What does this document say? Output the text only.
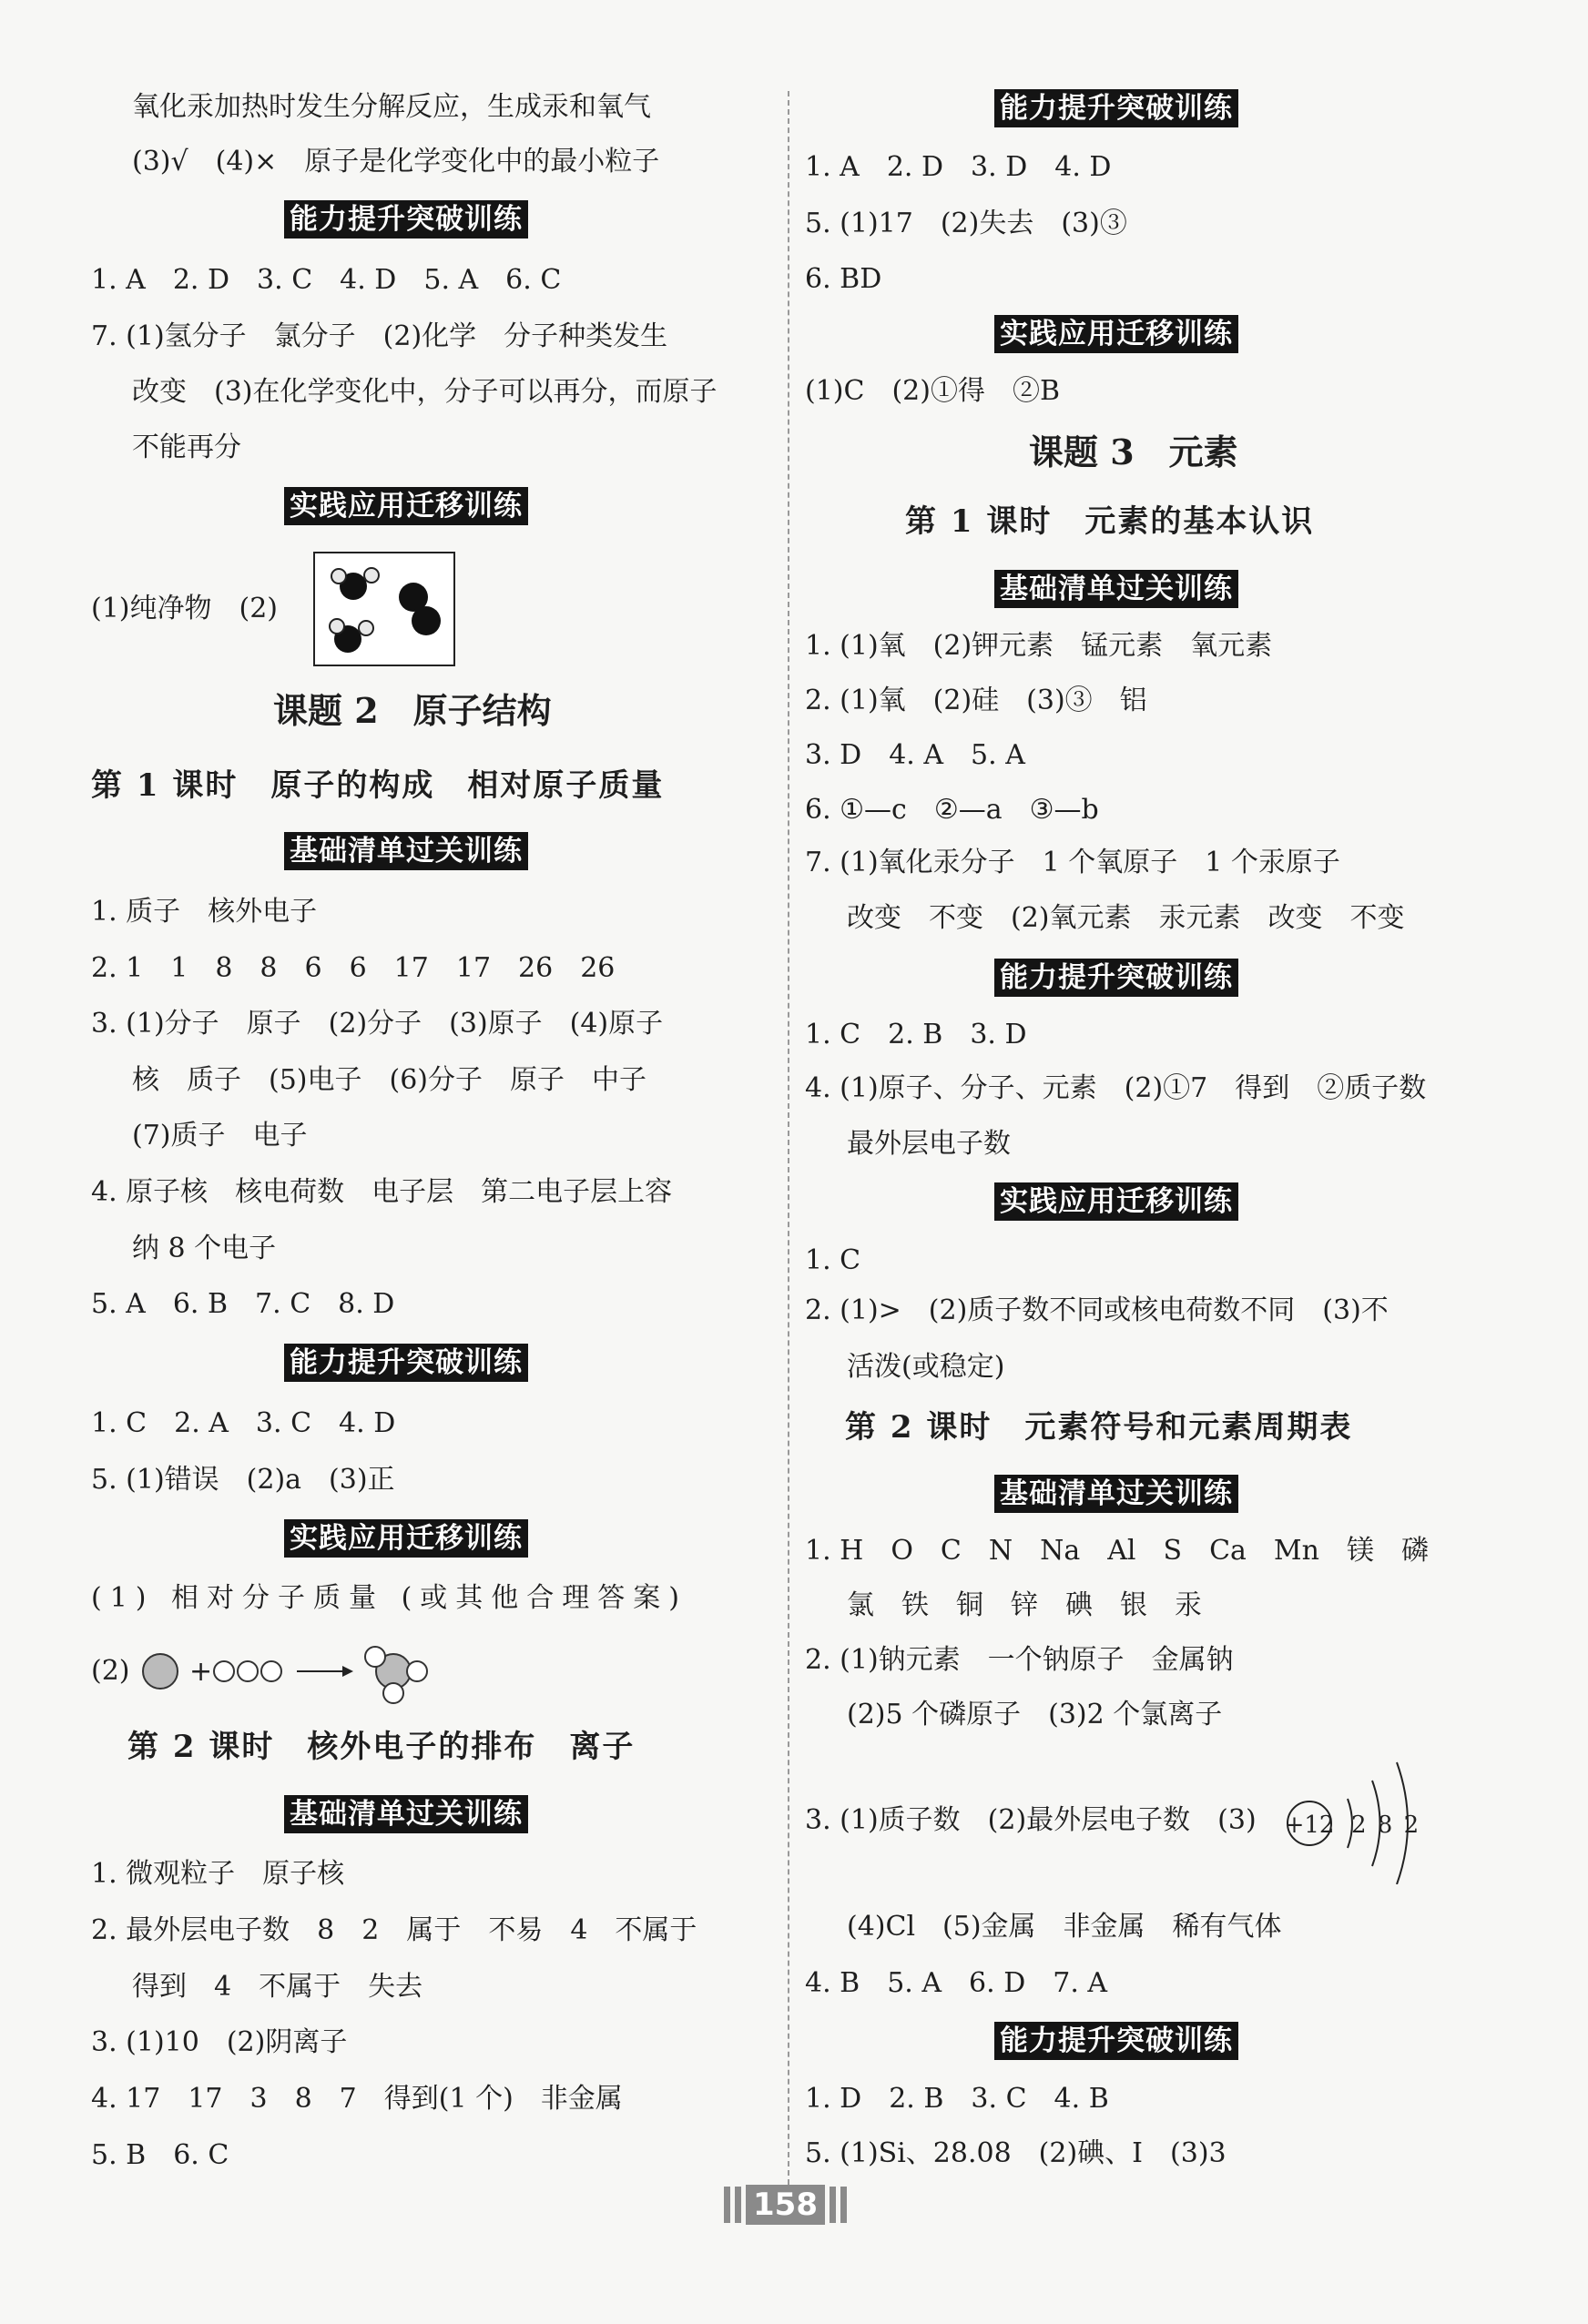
氧化汞加热时发生分解反应，生成汞和氧气
(3)√　(4)×　原子是化学变化中的最小粒子
能力提升突破训练
1. A　2. D　3. C　4. D　5. A　6. C
7. (1)氢分子　氯分子　(2)化学　分子种类发生
改变　(3)在化学变化中，分子可以再分，而原子
不能再分
实践应用迁移训练
(1)纯净物　(2)
课题 2　原子结构
第 1 课时　原子的构成　相对原子质量
基础清单过关训练
1. 质子　核外电子
2. 1　1　8　8　6　6　17　17　26　26
3. (1)分子　原子　(2)分子　(3)原子　(4)原子
核　质子　(5)电子　(6)分子　原子　中子
(7)质子　电子
4. 原子核　核电荷数　电子层　第二电子层上容
纳 8 个电子
5. A　6. B　7. C　8. D
能力提升突破训练
1. C　2. A　3. C　4. D
5. (1)错误　(2)a　(3)正
实践应用迁移训练
(1) 相对分子质量 (或其他合理答案)
(2) +
第 2 课时　核外电子的排布　离子
基础清单过关训练
1. 微观粒子　原子核
2. 最外层电子数　8　2　属于　不易　4　不属于
得到　4　不属于　失去
3. (1)10　(2)阴离子
4. 17　17　3　8　7　得到(1 个)　非金属
5. B　6. C
能力提升突破训练
1. A　2. D　3. D　4. D
5. (1)17　(2)失去　(3)③
6. BD
实践应用迁移训练
(1)C　(2)①得　②B
课题 3　元素
第 1 课时　元素的基本认识
基础清单过关训练
1. (1)氧　(2)钾元素　锰元素　氧元素
2. (1)氧　(2)硅　(3)③　铝
3. D　4. A　5. A
6. ①—c　②—a　③—b
7. (1)氧化汞分子　1 个氧原子　1 个汞原子
改变　不变　(2)氧元素　汞元素　改变　不变
能力提升突破训练
1. C　2. B　3. D
4. (1)原子、分子、元素　(2)①7　得到　②质子数
最外层电子数
实践应用迁移训练
1. C
2. (1)>　(2)质子数不同或核电荷数不同　(3)不
活泼(或稳定)
第 2 课时　元素符号和元素周期表
基础清单过关训练
1. H　O　C　N　Na　Al　S　Ca　Mn　镁　磷
氯　铁　铜　锌　碘　银　汞
2. (1)钠元素　一个钠原子　金属钠
(2)5 个磷原子　(3)2 个氯离子
3. (1)质子数　(2)最外层电子数　(3) +12 2 8 2
(4)Cl　(5)金属　非金属　稀有气体
4. B　5. A　6. D　7. A
能力提升突破训练
1. D　2. B　3. C　4. B
5. (1)Si、28.08　(2)碘、I　(3)3
158
